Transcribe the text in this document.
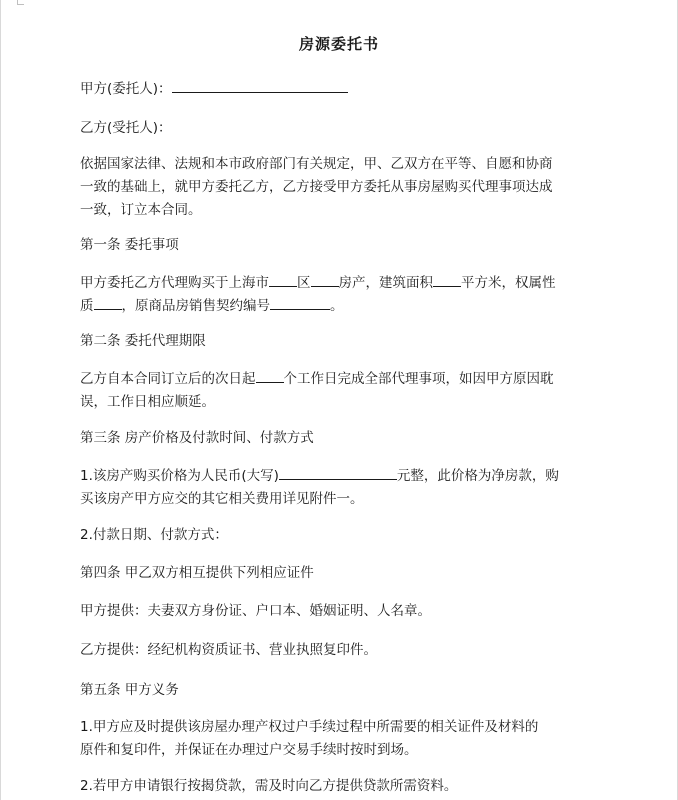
房源委托书
甲方(委托人)：
乙方(受托人)：
依据国家法律、法规和本市政府部门有关规定，甲、乙双方在平等、自愿和协商
一致的基础上，就甲方委托乙方，乙方接受甲方委托从事房屋购买代理事项达成
一致，订立本合同。
第一条 委托事项
甲方委托乙方代理购买于上海市 区 房产，建筑面积 平方米，权属性
质 ，原商品房销售契约编号	。
第二条 委托代理期限
乙方自本合同订立后的次日起 个工作日完成全部代理事项，如因甲方原因耽
误，工作日相应顺延。
第三条 房产价格及付款时间、付款方式
1.该房产购买价格为人民币(大写)	元整，此价格为净房款，购
买该房产甲方应交的其它相关费用详见附件一。
2.付款日期、付款方式：
第四条 甲乙双方相互提供下列相应证件
甲方提供：夫妻双方身份证、户口本、婚姻证明、人名章。
乙方提供：经纪机构资质证书、营业执照复印件。
第五条 甲方义务
1.甲方应及时提供该房屋办理产权过户手续过程中所需要的相关证件及材料的
原件和复印件，并保证在办理过户交易手续时按时到场。
2.若甲方申请银行按揭贷款，需及时向乙方提供贷款所需资料。
